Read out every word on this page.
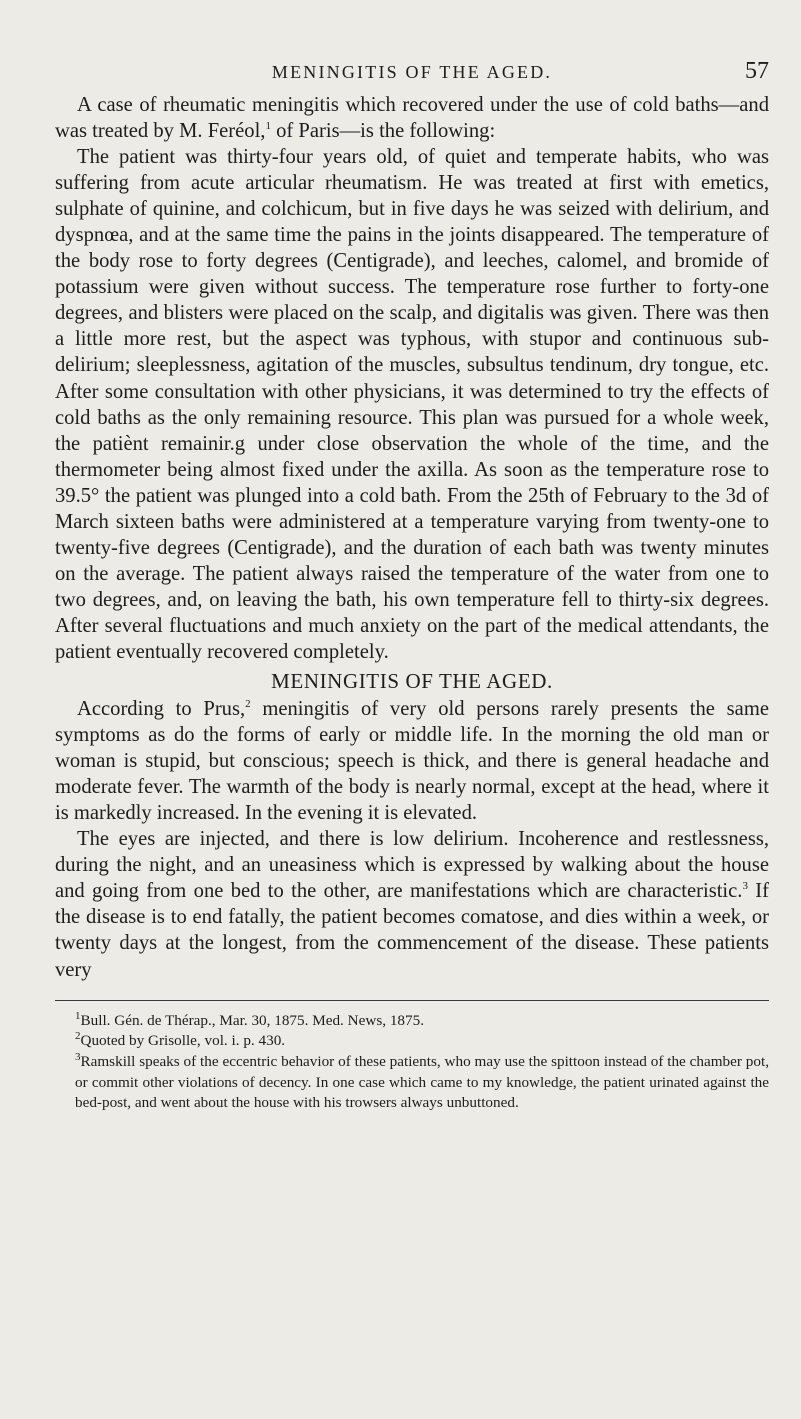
MENINGITIS OF THE AGED.	57

A case of rheumatic meningitis which recovered under the use of cold baths—and was treated by M. Feréol,$^1$ of Paris—is the following:

The patient was thirty-four years old, of quiet and temperate habits, who was suffering from acute articular rheumatism. He was treated at first with emetics, sulphate of quinine, and colchicum, but in five days he was seized with delirium, and dyspnœa, and at the same time the pains in the joints disappeared. The temperature of the body rose to forty degrees (Centigrade), and leeches, calomel, and bromide of potassium were given without success. The temperature rose further to forty-one degrees, and blisters were placed on the scalp, and digitalis was given. There was then a little more rest, but the aspect was typhous, with stupor and continuous sub-delirium; sleeplessness, agitation of the muscles, subsultus tendinum, dry tongue, etc. After some consultation with other physicians, it was determined to try the effects of cold baths as the only remaining resource. This plan was pursued for a whole week, the patiènt remainir.g under close observation the whole of the time, and the thermometer being almost fixed under the axilla. As soon as the temperature rose to 39.5° the patient was plunged into a cold bath. From the 25th of February to the 3d of March sixteen baths were administered at a temperature varying from twenty-one to twenty-five degrees (Centigrade), and the duration of each bath was twenty minutes on the average. The patient always raised the temperature of the water from one to two degrees, and, on leaving the bath, his own temperature fell to thirty-six degrees. After several fluctuations and much anxiety on the part of the medical attendants, the patient eventually recovered completely.

MENINGITIS OF THE AGED.

According to Prus,$^2$ meningitis of very old persons rarely presents the same symptoms as do the forms of early or middle life. In the morning the old man or woman is stupid, but conscious; speech is thick, and there is general headache and moderate fever. The warmth of the body is nearly normal, except at the head, where it is markedly increased. In the evening it is elevated.

The eyes are injected, and there is low delirium. Incoherence and restlessness, during the night, and an uneasiness which is expressed by walking about the house and going from one bed to the other, are manifestations which are characteristic.$^3$ If the disease is to end fatally, the patient becomes comatose, and dies within a week, or twenty days at the longest, from the commencement of the disease. These patients very

$^1$Bull. Gén. de Thérap., Mar. 30, 1875. Med. News, 1875.

$^2$Quoted by Grisolle, vol. i. p. 430.

$^3$Ramskill speaks of the eccentric behavior of these patients, who may use the spittoon instead of the chamber pot, or commit other violations of decency. In one case which came to my knowledge, the patient urinated against the bed-post, and went about the house with his trowsers always unbuttoned.
